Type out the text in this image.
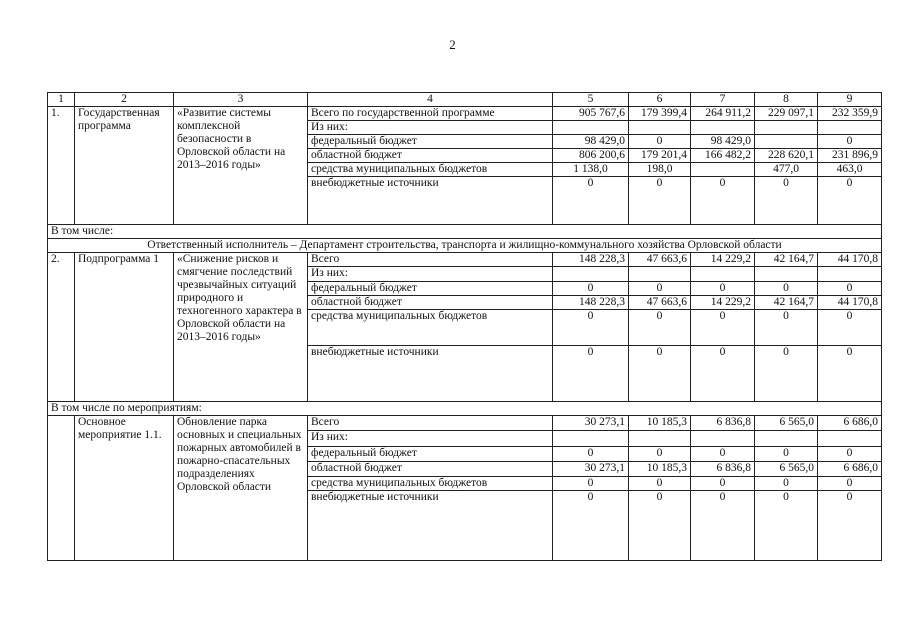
2
1	2	3	4	5	6	7	8	9
1.	Государственная программа	«Развитие системы комплексной безопасности в Орловской области на 2013–2016 годы»	Всего по государственной программе	905 767,6	179 399,4	264 911,2	229 097,1	232 359,9
			Из них:					
			федеральный бюджет	98 429,0	0	98 429,0		0
			областной бюджет	806 200,6	179 201,4	166 482,2	228 620,1	231 896,9
			средства муниципальных бюджетов	1 138,0	198,0		477,0	463,0
			внебюджетные источники	0	0	0	0	0
В том числе:								
Ответственный исполнитель – Департамент строительства, транспорта и жилищно-коммунального хозяйства Орловской области								
2.	Подпрограмма 1	«Снижение рисков и смягчение последствий чрезвычайных ситуаций природного и техногенного характера в Орловской области на 2013–2016 годы»	Всего	148 228,3	47 663,6	14 229,2	42 164,7	44 170,8
			Из них:					
			федеральный бюджет	0	0	0	0	0
			областной бюджет	148 228,3	47 663,6	14 229,2	42 164,7	44 170,8
			средства муниципальных бюджетов	0	0	0	0	0
			внебюджетные источники	0	0	0	0	0
В том числе по мероприятиям:								
	Основное мероприятие 1.1.	Обновление парка основных и специальных пожарных автомобилей в пожарно-спасательных подразделениях Орловской области	Всего	30 273,1	10 185,3	6 836,8	6 565,0	6 686,0
			Из них:					
			федеральный бюджет	0	0	0	0	0
			областной бюджет	30 273,1	10 185,3	6 836,8	6 565,0	6 686,0
			средства муниципальных бюджетов	0	0	0	0	0
			внебюджетные источники	0	0	0	0	0
